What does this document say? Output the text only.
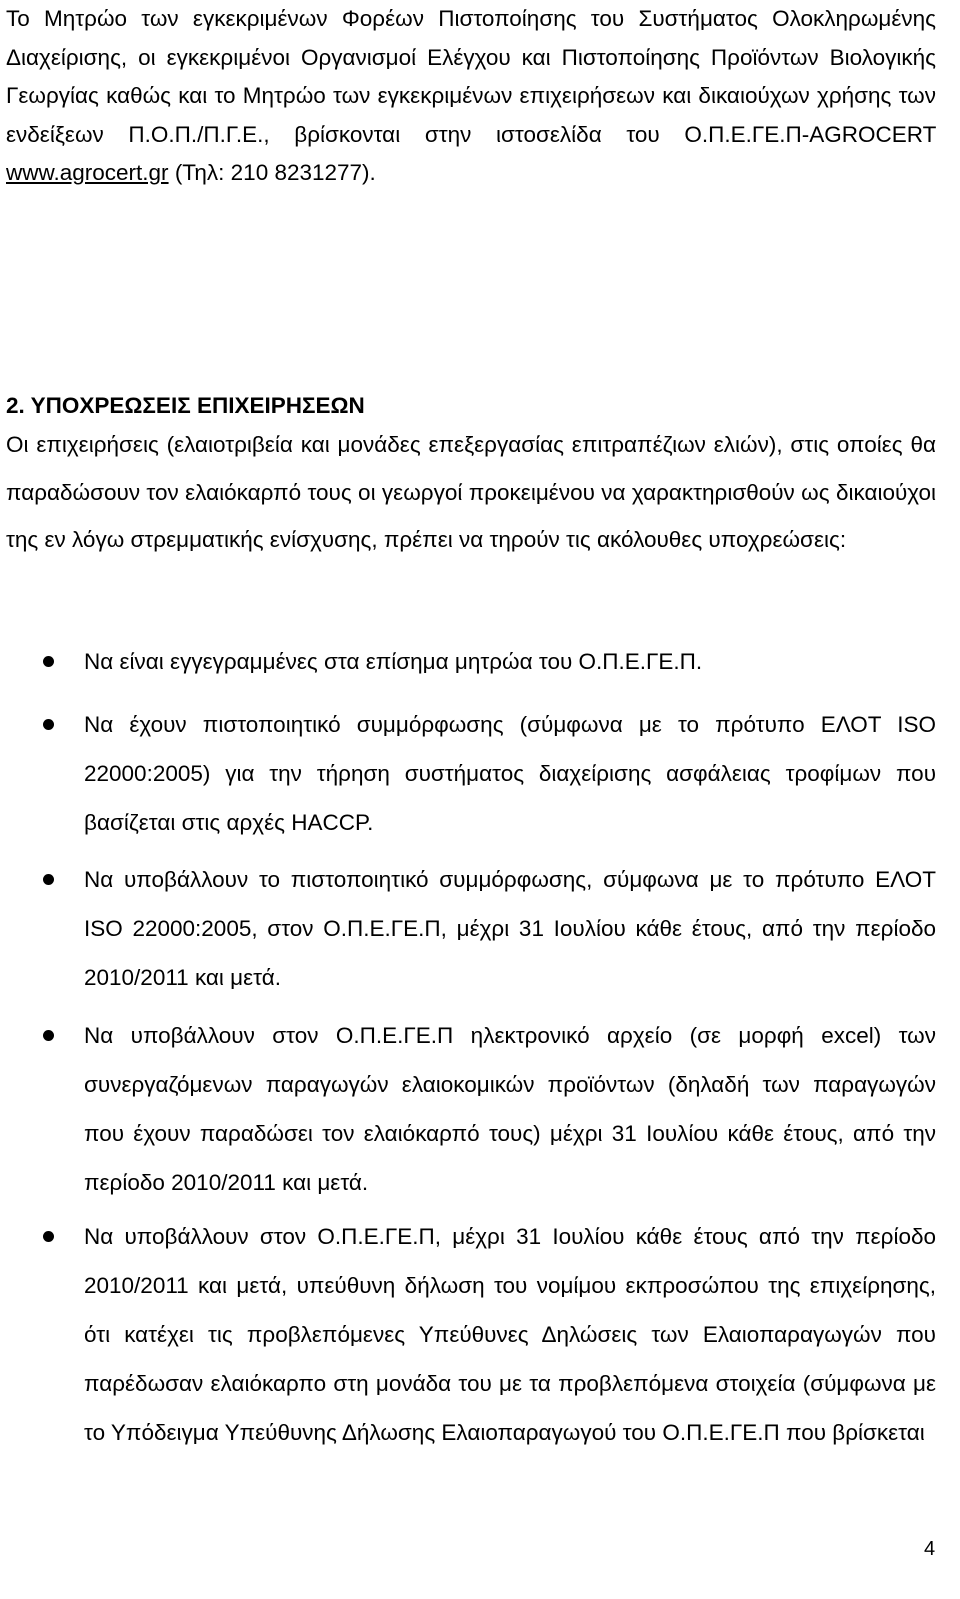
Το Μητρώο των εγκεκριμένων Φορέων Πιστοποίησης του Συστήματος Ολοκληρωμένης Διαχείρισης, οι εγκεκριμένοι Οργανισμοί Ελέγχου και Πιστοποίησης Προϊόντων Βιολογικής Γεωργίας καθώς και το Μητρώο των εγκεκριμένων επιχειρήσεων και δικαιούχων χρήσης των ενδείξεων Π.Ο.Π./Π.Γ.Ε., βρίσκονται στην ιστοσελίδα του Ο.Π.Ε.ΓΕ.Π-AGROCERT www.agrocert.gr (Τηλ: 210 8231277).

2. ΥΠΟΧΡΕΩΣΕΙΣ ΕΠΙΧΕΙΡΗΣΕΩΝ

Οι επιχειρήσεις (ελαιοτριβεία και μονάδες επεξεργασίας επιτραπέζιων ελιών), στις οποίες θα παραδώσουν τον ελαιόκαρπό τους οι γεωργοί προκειμένου να χαρακτηρισθούν ως δικαιούχοι της εν λόγω στρεμματικής ενίσχυσης, πρέπει να τηρούν τις ακόλουθες υποχρεώσεις:

Να είναι εγγεγραμμένες στα επίσημα μητρώα του Ο.Π.Ε.ΓΕ.Π.
Να έχουν πιστοποιητικό συμμόρφωσης (σύμφωνα με το πρότυπο ΕΛΟΤ ISO 22000:2005) για την τήρηση συστήματος διαχείρισης ασφάλειας τροφίμων που βασίζεται στις αρχές HACCP.
Να υποβάλλουν το πιστοποιητικό συμμόρφωσης, σύμφωνα με το πρότυπο ΕΛΟΤ ISO 22000:2005, στον Ο.Π.Ε.ΓΕ.Π, μέχρι 31 Ιουλίου κάθε έτους, από την περίοδο 2010/2011 και μετά.
Να υποβάλλουν στον Ο.Π.Ε.ΓΕ.Π ηλεκτρονικό αρχείο (σε μορφή excel) των συνεργαζόμενων παραγωγών ελαιοκομικών προϊόντων (δηλαδή των παραγωγών που έχουν παραδώσει τον ελαιόκαρπό τους) μέχρι 31 Ιουλίου κάθε έτους, από την περίοδο 2010/2011 και μετά.
Να υποβάλλουν στον Ο.Π.Ε.ΓΕ.Π, μέχρι 31 Ιουλίου κάθε έτους από την περίοδο 2010/2011 και μετά, υπεύθυνη δήλωση του νομίμου εκπροσώπου της επιχείρησης, ότι κατέχει τις προβλεπόμενες Υπεύθυνες Δηλώσεις των Ελαιοπαραγωγών που παρέδωσαν ελαιόκαρπο στη μονάδα του με τα προβλεπόμενα στοιχεία (σύμφωνα με το Υπόδειγμα Υπεύθυνης Δήλωσης Ελαιοπαραγωγού του Ο.Π.Ε.ΓΕ.Π που βρίσκεται
4
